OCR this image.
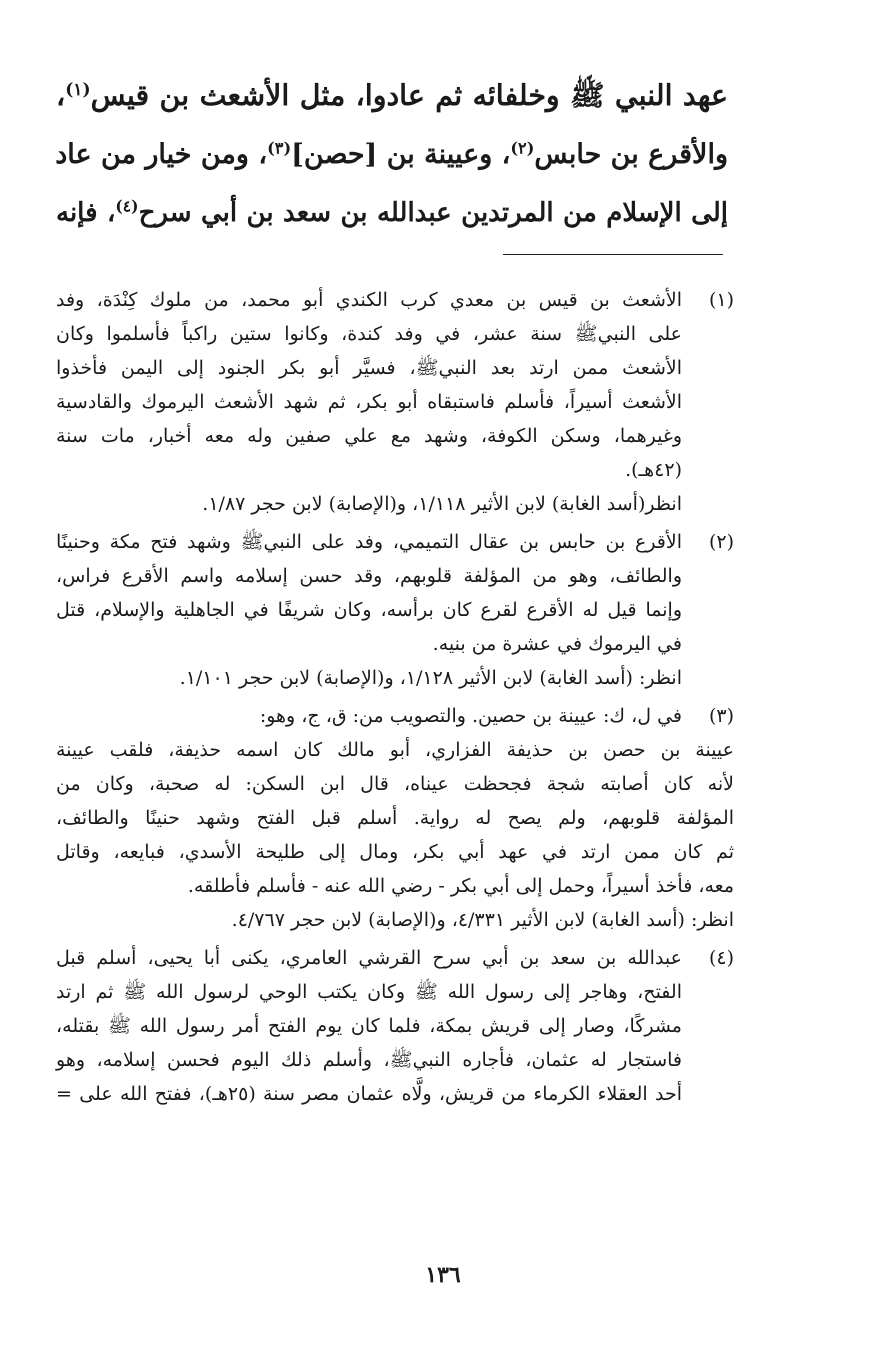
عهد النبي ﷺ وخلفائه ثم عادوا، مثل الأشعث بن قيس$^{(١)}$،
والأقرع بن حابس$^{(٢)}$، وعيينة بن [حصن]$^{(٣)}$، ومن خيار من عاد
إلى الإسلام من المرتدين عبدالله بن سعد بن أبي سرح$^{(٤)}$، فإنه
(١)
الأشعث بن قيس بن معدي كرب الكندي أبو محمد، من ملوك كِنْدَة، وفد
على النبيﷺ سنة عشر، في وفد كندة، وكانوا ستين راكباً فأسلموا وكان
الأشعث ممن ارتد بعد النبيﷺ، فسيَّر أبو بكر الجنود إلى اليمن فأخذوا
الأشعث أسيراً، فأسلم فاستبقاه أبو بكر، ثم شهد الأشعث اليرموك والقادسية
وغيرهما، وسكن الكوفة، وشهد مع علي صفين وله معه أخبار، مات سنة
(٤٢هـ).
انظر(أسد الغابة) لابن الأثير ١/١١٨، و(الإصابة) لابن حجر ١/٨٧.
(٢)
الأقرع بن حابس بن عقال التميمي، وفد على النبيﷺ وشهد فتح مكة وحنينًا
والطائف، وهو من المؤلفة قلوبهم، وقد حسن إسلامه واسم الأقرع فراس،
وإنما قيل له الأقرع لقرع كان برأسه، وكان شريفًا في الجاهلية والإسلام، قتل
في اليرموك في عشرة من بنيه.
انظر: (أسد الغابة) لابن الأثير ١/١٢٨، و(الإصابة) لابن حجر ١/١٠١.
(٣)
في ل، ك: عيينة بن حصين. والتصويب من: ق، ج، وهو:
عيينة بن حصن بن حذيفة الفزاري، أبو مالك كان اسمه حذيفة، فلقب عيينة
لأنه كان أصابته شجة فجحظت عيناه، قال ابن السكن: له صحبة، وكان من
المؤلفة قلوبهم، ولم يصح له رواية. أسلم قبل الفتح وشهد حنينًا والطائف،
ثم كان ممن ارتد في عهد أبي بكر، ومال إلى طليحة الأسدي، فبايعه، وقاتل
معه، فأخذ أسيراً، وحمل إلى أبي بكر - رضي الله عنه - فأسلم فأطلقه.
انظر: (أسد الغابة) لابن الأثير ٤/٣٣١، و(الإصابة) لابن حجر ٤/٧٦٧.
(٤)
عبدالله بن سعد بن أبي سرح القرشي العامري، يكنى أبا يحيى، أسلم قبل
الفتح، وهاجر إلى رسول الله ﷺ وكان يكتب الوحي لرسول الله ﷺ ثم ارتد
مشركًا، وصار إلى قريش بمكة، فلما كان يوم الفتح أمر رسول الله ﷺ بقتله،
فاستجار له عثمان، فأجاره النبيﷺ، وأسلم ذلك اليوم فحسن إسلامه، وهو
أحد العقلاء الكرماء من قريش، ولَّاه عثمان مصر سنة (٢٥هـ)، ففتح الله على =
١٣٦
